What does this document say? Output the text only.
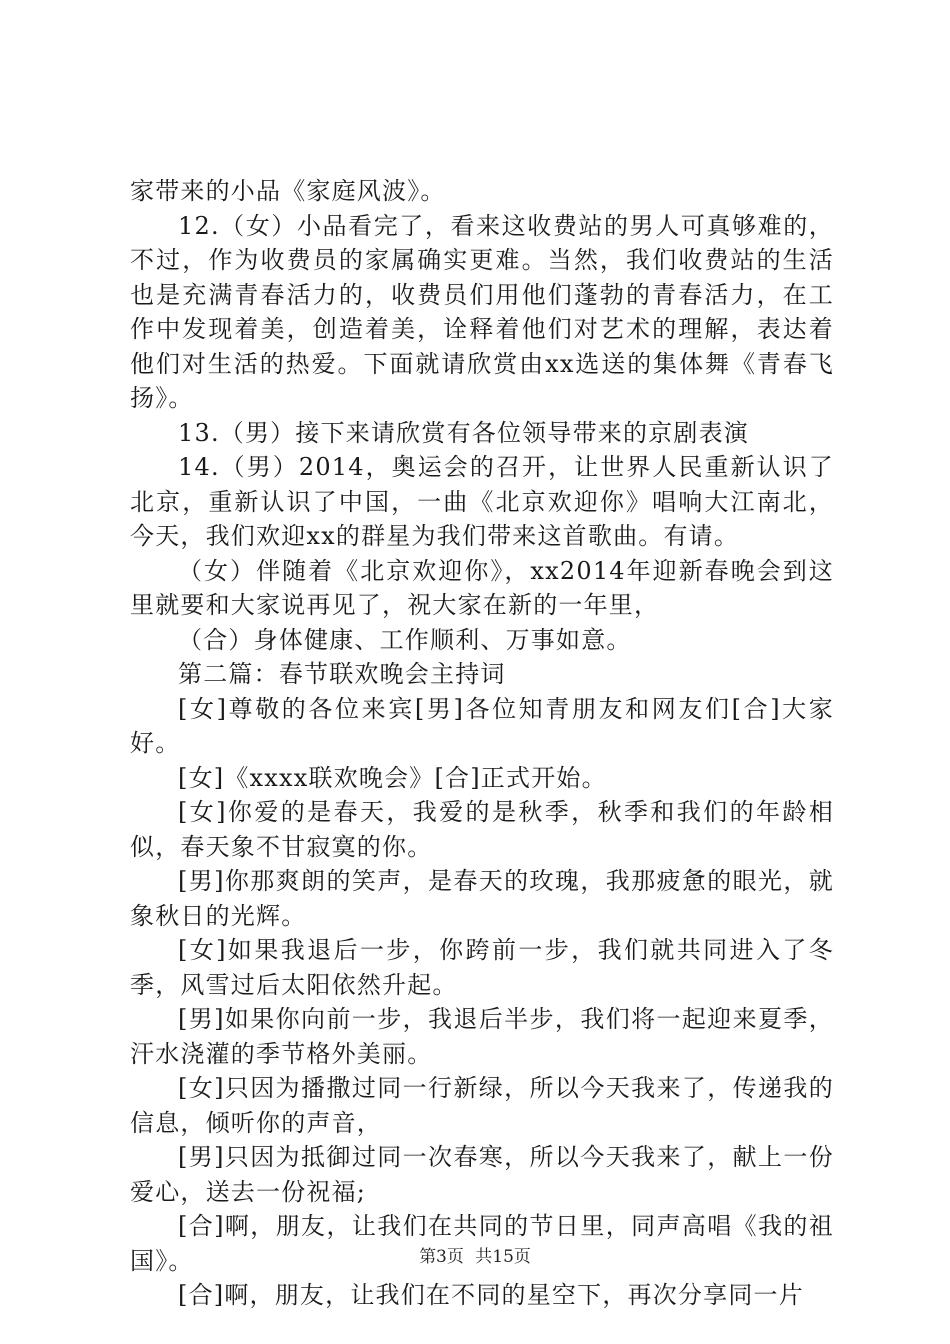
家带来的小品《家庭风波》。

12.（女）小品看完了，看来这收费站的男人可真够难的，不过，作为收费员的家属确实更难。当然，我们收费站的生活也是充满青春活力的，收费员们用他们蓬勃的青春活力，在工作中发现着美，创造着美，诠释着他们对艺术的理解，表达着他们对生活的热爱。下面就请欣赏由xx选送的集体舞《青春飞扬》。

13.（男）接下来请欣赏有各位领导带来的京剧表演

14.（男）2014，奥运会的召开，让世界人民重新认识了北京，重新认识了中国，一曲《北京欢迎你》唱响大江南北，今天，我们欢迎xx的群星为我们带来这首歌曲。有请。

（女）伴随着《北京欢迎你》，xx2014年迎新春晚会到这里就要和大家说再见了，祝大家在新的一年里，

（合）身体健康、工作顺利、万事如意。

第二篇：春节联欢晚会主持词

[女]尊敬的各位来宾[男]各位知青朋友和网友们[合]大家好。

[女]《xxxx联欢晚会》[合]正式开始。

[女]你爱的是春天，我爱的是秋季，秋季和我们的年龄相似，春天象不甘寂寞的你。

[男]你那爽朗的笑声，是春天的玫瑰，我那疲惫的眼光，就象秋日的光辉。

[女]如果我退后一步，你跨前一步，我们就共同进入了冬季，风雪过后太阳依然升起。

[男]如果你向前一步，我退后半步，我们将一起迎来夏季，汗水浇灌的季节格外美丽。

[女]只因为播撒过同一行新绿，所以今天我来了，传递我的信息，倾听你的声音，

[男]只因为抵御过同一次春寒，所以今天我来了，献上一份爱心，送去一份祝福;

[合]啊，朋友，让我们在共同的节日里，同声高唱《我的祖国》。

[合]啊，朋友，让我们在不同的星空下，再次分享同一片

第3页 共15页
